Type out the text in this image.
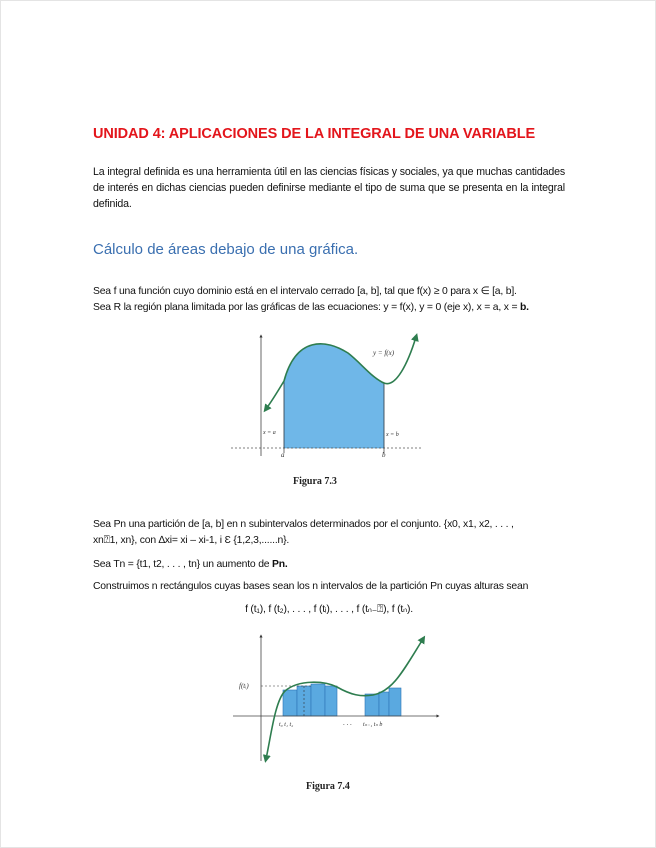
UNIDAD 4: APLICACIONES DE LA INTEGRAL DE UNA VARIABLE
La integral definida es una herramienta útil en las ciencias físicas y sociales, ya que muchas cantidades de interés en dichas ciencias pueden definirse mediante el tipo de suma que se presenta en la integral definida.
Cálculo de áreas debajo de una gráfica.
Sea f una función cuyo dominio está en el intervalo cerrado [a, b], tal que f(x) ≥ 0 para x ∈ [a, b].
Sea R la región plana limitada por las gráficas de las ecuaciones: y = f(x), y = 0 (eje x), x = a, x = b.
y = f(x)
x = a	x = b
a	b
Figura 7.3
Sea Pn una partición de [a, b] en n subintervalos determinados por el conjunto. {x0, x1, x2, . . . ,
xn⍰1, xn}, con ∆xi= xi – xi-1, i Ɛ {1,2,3,......n}.
Sea Tn = {t1, t2, . . . , tn} un aumento de Pn.
Construimos n rectángulos cuyas bases sean los n intervalos de la partición Pn cuyas alturas sean
f (t₁), f (t₂), . . . , f (tᵢ), . . . , f (tₙ₋⍰), f (tₙ).
f(tᵢ)
t₀ t₁ t₂	. . . tₙ₋₁ tₙ b
Figura 7.4
